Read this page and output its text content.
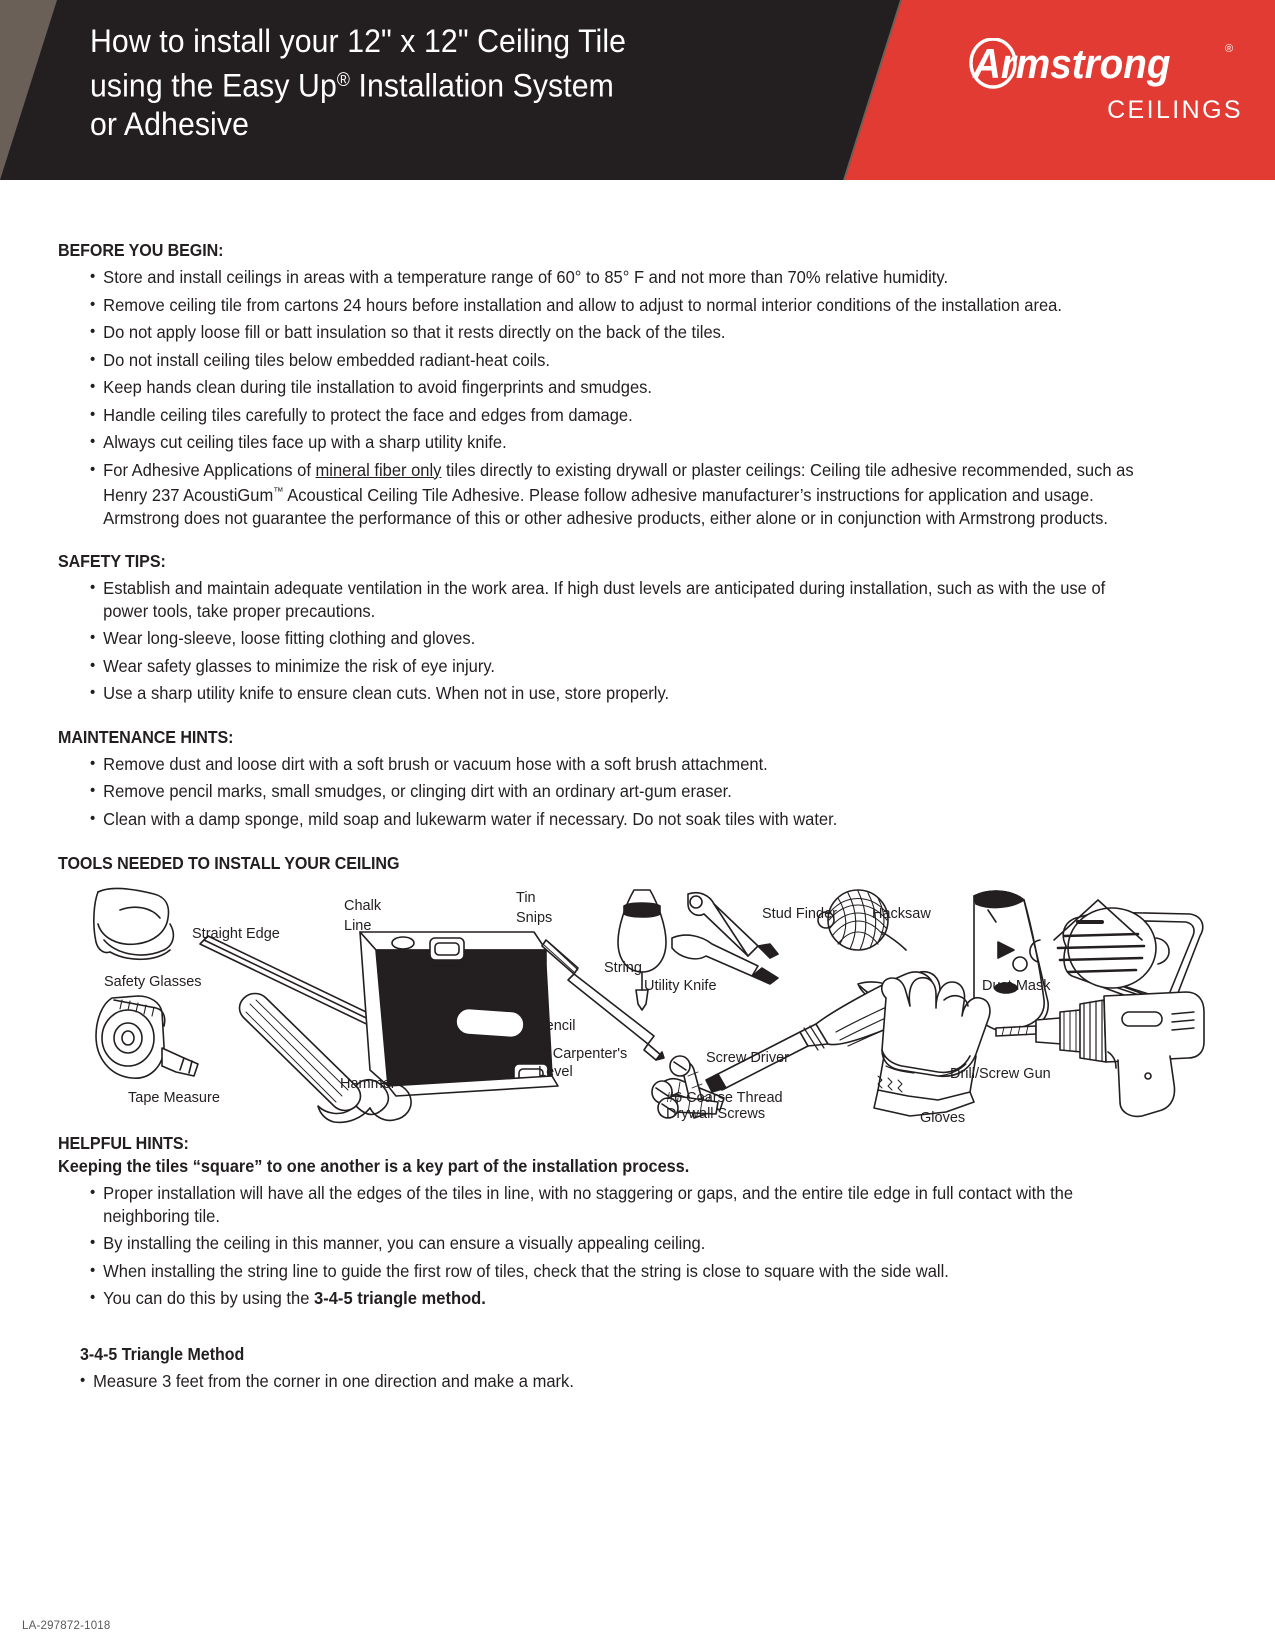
How to install your 12" x 12" Ceiling Tile
using the Easy Up® Installation System
or Adhesive
Armstrong	®
CEILINGS
BEFORE YOU BEGIN:
• Store and install ceilings in areas with a temperature range of 60° to 85° F and not more than 70% relative humidity.
• Remove ceiling tile from cartons 24 hours before installation and allow to adjust to normal interior conditions of the installation area.
• Do not apply loose fill or batt insulation so that it rests directly on the back of the tiles.
• Do not install ceiling tiles below embedded radiant-heat coils.
• Keep hands clean during tile installation to avoid fingerprints and smudges.
• Handle ceiling tiles carefully to protect the face and edges from damage.
• Always cut ceiling tiles face up with a sharp utility knife.
• For Adhesive Applications of mineral fiber only tiles directly to existing drywall or plaster ceilings: Ceiling tile adhesive recommended, such as Henry 237 AcoustiGum™ Acoustical Ceiling Tile Adhesive. Please follow adhesive manufacturer’s instructions for application and usage. Armstrong does not guarantee the performance of this or other adhesive products, either alone or in conjunction with Armstrong products.
SAFETY TIPS:
• Establish and maintain adequate ventilation in the work area. If high dust levels are anticipated during installation, such as with the use of power tools, take proper precautions.
• Wear long-sleeve, loose fitting clothing and gloves.
• Wear safety glasses to minimize the risk of eye injury.
• Use a sharp utility knife to ensure clean cuts. When not in use, store properly.
MAINTENANCE HINTS:
• Remove dust and loose dirt with a soft brush or vacuum hose with a soft brush attachment.
• Remove pencil marks, small smudges, or clinging dirt with an ordinary art-gum eraser.
• Clean with a damp sponge, mild soap and lukewarm water if necessary. Do not soak tiles with water.
TOOLS NEEDED TO INSTALL YOUR CEILING
Safety Glasses
Straight Edge
Chalk
Line
Tin
Snips
String
Stud Finder Hacksaw
Dust Mask
Utility Knife
Tape Measure
Hammer
Pencil
4’ Carpenter's
Level
Screw Driver
#6 Coarse Thread
Drywall Screws	Gloves
Drill/Screw Gun
HELPFUL HINTS:
Keeping the tiles “square” to one another is a key part of the installation process.
• Proper installation will have all the edges of the tiles in line, with no staggering or gaps, and the entire tile edge in full contact with the neighboring tile.
• By installing the ceiling in this manner, you can ensure a visually appealing ceiling.
• When installing the string line to guide the first row of tiles, check that the string is close to square with the side wall.
• You can do this by using the 3-4-5 triangle method.
3-4-5 Triangle Method
• Measure 3 feet from the corner in one direction and make a mark.
LA-297872-1018
